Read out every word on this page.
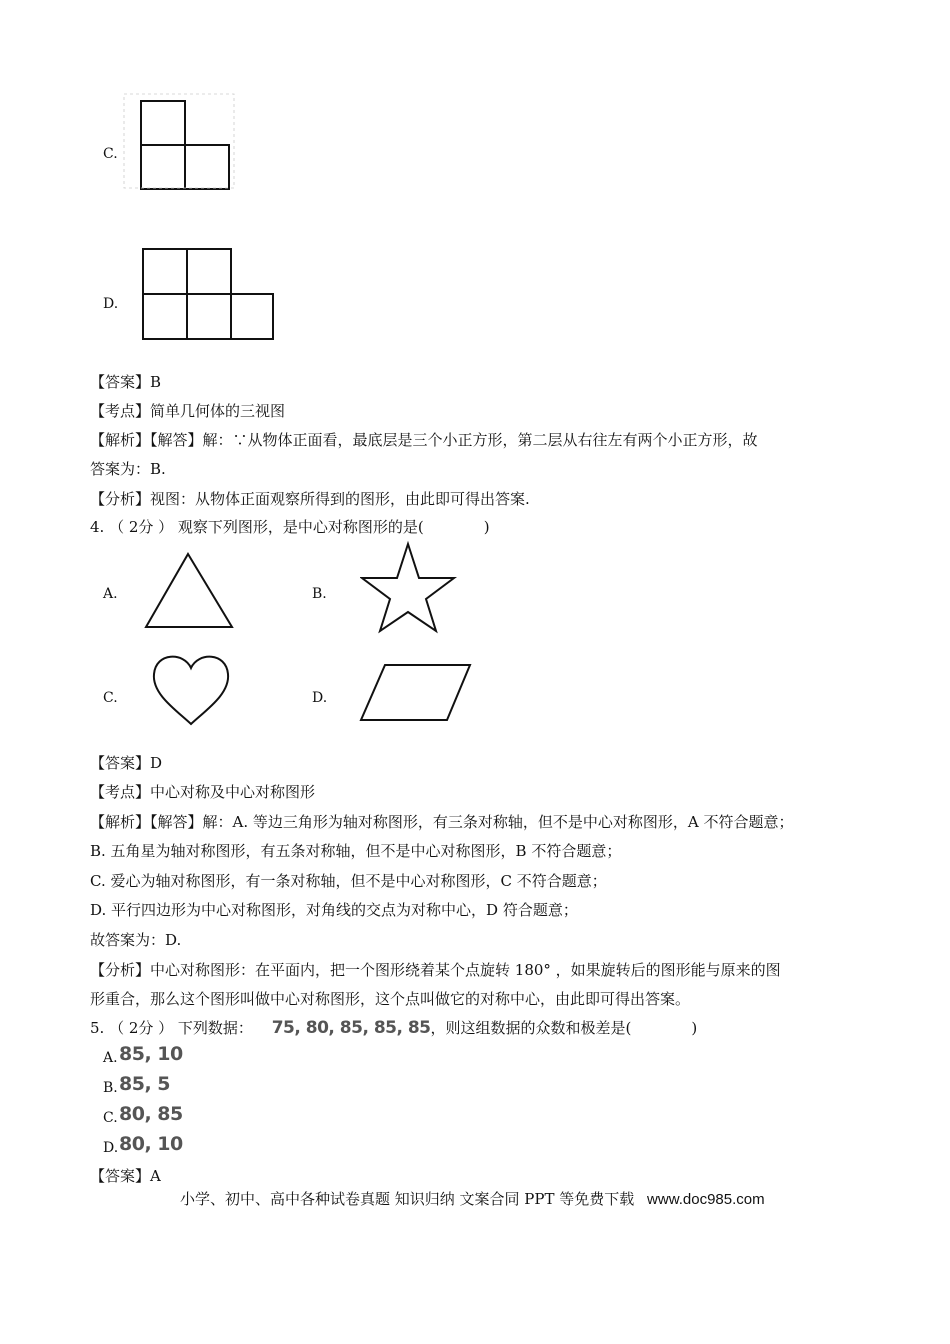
C.
D.
【答案】B
【考点】简单几何体的三视图
【解析】【解答】解：∵从物体正面看，最底层是三个小正方形，第二层从右往左有两个小正方形，故
答案为：B.
【分析】视图：从物体正面观察所得到的图形，由此即可得出答案.
4. （ 2分 ） 观察下列图形，是中心对称图形的是(　　　　)
A.	B.
C.	D.
【答案】D
【考点】中心对称及中心对称图形
【解析】【解答】解：A. 等边三角形为轴对称图形，有三条对称轴，但不是中心对称图形，A 不符合题意；
B. 五角星为轴对称图形，有五条对称轴，但不是中心对称图形，B 不符合题意；
C. 爱心为轴对称图形，有一条对称轴，但不是中心对称图形，C 不符合题意；
D. 平行四边形为中心对称图形，对角线的交点为对称中心，D 符合题意；
故答案为：D.
【分析】中心对称图形：在平面内，把一个图形绕着某个点旋转 180° ，如果旋转后的图形能与原来的图
形重合，那么这个图形叫做中心对称图形，这个点叫做它的对称中心，由此即可得出答案。
5. （ 2分 ） 下列数据： 75, 80, 85, 85, 85，则这组数据的众数和极差是(　　　　)
A. 85, 10
B. 85, 5
C. 80, 85
D. 80, 10
【答案】A
小学、初中、高中各种试卷真题 知识归纳 文案合同 PPT 等免费下载 www.doc985.com
